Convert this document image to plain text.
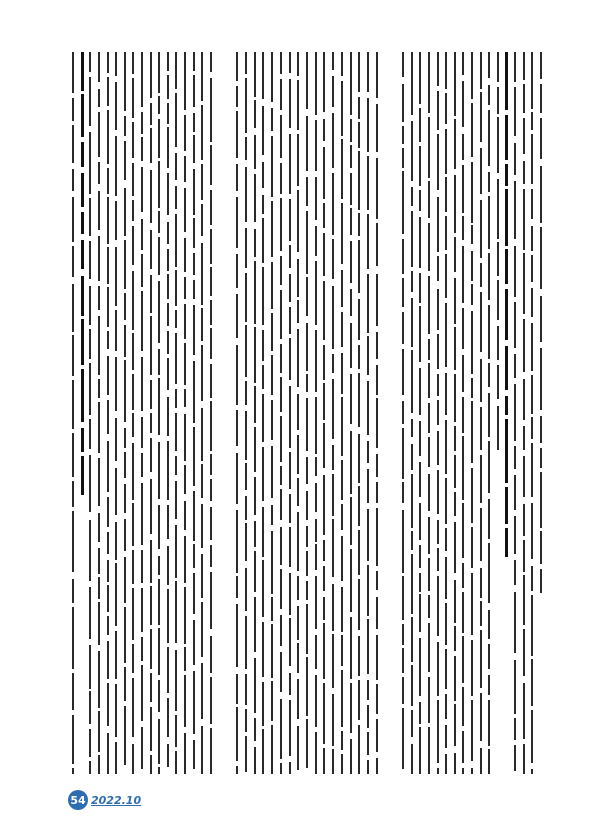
54 2022.10
